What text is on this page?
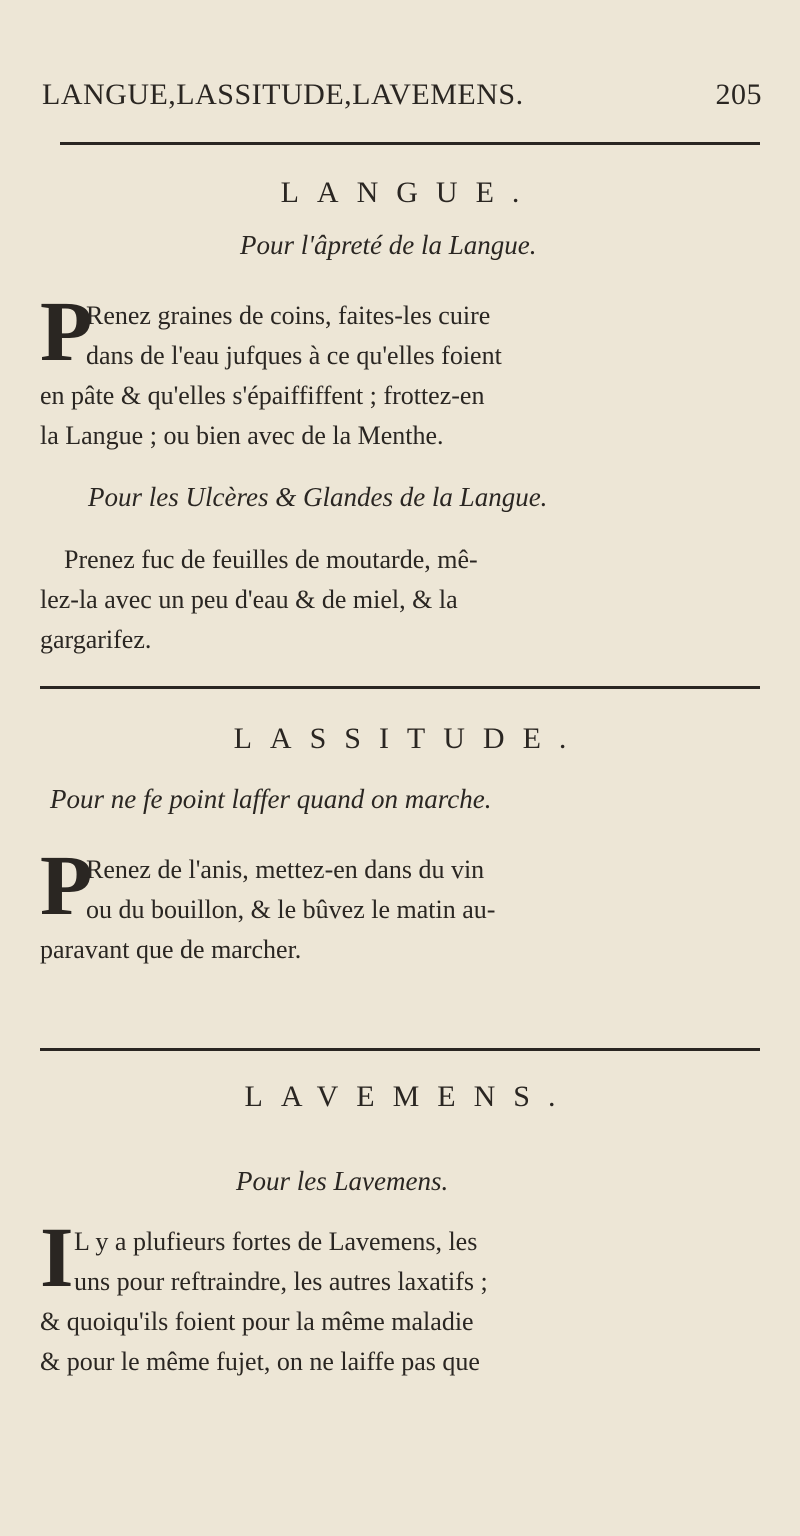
LANGUE,LASSITUDE,LAVEMENS.	205
LANGUE.
Pour l'âpreté de la Langue.
P
Renez graines de coins, faites-les cuire
dans de l'eau jufques à ce qu'elles foient
en pâte & qu'elles s'épaiffiffent ; frottez-en
la Langue ; ou bien avec de la Menthe.
Pour les Ulcères & Glandes de la Langue.
Prenez fuc de feuilles de moutarde, mê-
lez-la avec un peu d'eau & de miel, & la
gargarifez.
LASSITUDE.
Pour ne fe point laffer quand on marche.
P
Renez de l'anis, mettez-en dans du vin
ou du bouillon, & le bûvez le matin au-
paravant que de marcher.
LAVEMENS.
Pour les Lavemens.
I L y a plufieurs fortes de Lavemens, les
uns pour reftraindre, les autres laxatifs ;
& quoiqu'ils foient pour la même maladie
& pour le même fujet, on ne laiffe pas que
